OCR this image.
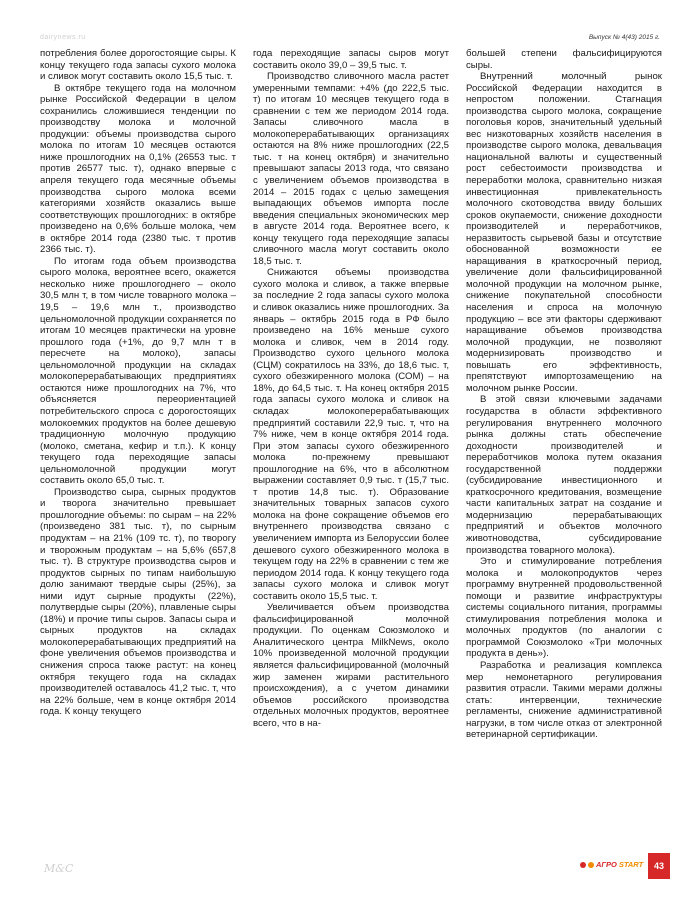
dairynews.ru	Выпуск № 4(43) 2015 г.

потребления более дорогостоящие сыры. К концу текущего года запасы сухого молока и сливок могут составить около 15,5 тыс. т.

В октябре текущего года на молочном рынке Российской Федерации в целом сохранились сложившиеся тенденции по производству молока и молочной продукции: объемы производства сырого молока по итогам 10 месяцев остаются ниже прошлогодних на 0,1% (26553 тыс. т против 26577 тыс. т), однако впервые с апреля текущего года месячные объемы производства сырого молока всеми категориями хозяйств оказались выше соответствующих прошлогодних: в октябре произведено на 0,6% больше молока, чем в октябре 2014 года (2380 тыс. т против 2366 тыс. т).

По итогам года объем производства сырого молока, вероятнее всего, окажется несколько ниже прошлогоднего – около 30,5 млн т, в том числе товарного молока – 19,5 – 19,6 млн т., производство цельномолочной продукции сохраняется по итогам 10 месяцев практически на уровне прошлого года (+1%, до 9,7 млн т в пересчете на молоко), запасы цельномолочной продукции на складах молокоперерабатывающих предприятиях остаются ниже прошлогодних на 7%, что объясняется переориентацией потребительского спроса с дорогостоящих молокоемких продуктов на более дешевую традиционную молочную продукцию (молоко, сметана, кефир и т.п.). К концу текущего года переходящие запасы цельномолочной продукции могут составить около 65,0 тыс. т.

Производство сыра, сырных продуктов и творога значительно превышает прошлогодние объемы: по сырам – на 22% (произведено 381 тыс. т), по сырным продуктам – на 21% (109 тс. т), по творогу и творожным продуктам – на 5,6% (657,8 тыс. т). В структуре производства сыров и продуктов сырных по типам наибольшую долю занимают твердые сыры (25%), за ними идут сырные продукты (22%), полутвердые сыры (20%), плавленые сыры (18%) и прочие типы сыров. Запасы сыра и сырных продуктов на складах молокоперерабатывающих предприятий на фоне увеличения объемов производства и снижения спроса также растут: на конец октября текущего года на складах производителей оставалось 41,2 тыс. т, что на 22% больше, чем в конце октября 2014 года. К концу текущего

года переходящие запасы сыров могут составить около 39,0 – 39,5 тыс. т.

Производство сливочного масла растет умеренными темпами: +4% (до 222,5 тыс. т) по итогам 10 месяцев текущего года в сравнении с тем же периодом 2014 года. Запасы сливочного масла в молокоперерабатывающих организациях остаются на 8% ниже прошлогодних (22,5 тыс. т на конец октября) и значительно превышают запасы 2013 года, что связано с увеличением объемов производства в 2014 – 2015 годах с целью замещения выпадающих объемов импорта после введения специальных экономических мер в августе 2014 года. Вероятнее всего, к концу текущего года переходящие запасы сливочного масла могут составить около 18,5 тыс. т.

Снижаются объемы производства сухого молока и сливок, а также впервые за последние 2 года запасы сухого молока и сливок оказались ниже прошлогодних. За январь – октябрь 2015 года в РФ было произведено на 16% меньше сухого молока и сливок, чем в 2014 году. Производство сухого цельного молока (СЦМ) сократилось на 33%, до 18,6 тыс. т, сухого обезжиренного молока (СОМ) – на 18%, до 64,5 тыс. т. На конец октября 2015 года запасы сухого молока и сливок на складах молокоперерабатывающих предприятий составили 22,9 тыс. т, что на 7% ниже, чем в конце октября 2014 года. При этом запасы сухого обезжиренного молока по-прежнему превышают прошлогодние на 6%, что в абсолютном выражении составляет 0,9 тыс. т (15,7 тыс. т против 14,8 тыс. т). Образование значительных товарных запасов сухого молока на фоне сокращение объемов его внутреннего производства связано с увеличением импорта из Белоруссии более дешевого сухого обезжиренного молока в текущем году на 22% в сравнении с тем же периодом 2014 года. К концу текущего года запасы сухого молока и сливок могут составить около 15,5 тыс. т.

Увеличивается объем производства фальсифицированной молочной продукции. По оценкам Союзмолоко и Аналитического центра MilkNews, около 10% произведенной молочной продукции является фальсифицированной (молочный жир заменен жирами растительного происхождения), а с учетом динамики объемов российского производства отдельных молочных продуктов, вероятнее всего, что в на-

большей степени фальсифицируются сыры.

Внутренний молочный рынок Российской Федерации находится в непростом положении. Стагнация производства сырого молока, сокращение поголовья коров, значительный удельный вес низкотоварных хозяйств населения в производстве сырого молока, девальвация национальной валюты и существенный рост себестоимости производства и переработки молока, сравнительно низкая инвестиционная привлекательность молочного скотоводства ввиду больших сроков окупаемости, снижение доходности производителей и переработчиков, неразвитость сырьевой базы и отсутствие обоснованной возможности ее наращивания в краткосрочный период, увеличение доли фальсифицированной молочной продукции на молочном рынке, снижение покупательной способности населения и спроса на молочную продукцию – все эти факторы сдерживают наращивание объемов производства молочной продукции, не позволяют модернизировать производство и повышать его эффективность, препятствуют импортозамещению на молочном рынке России.

В этой связи ключевыми задачами государства в области эффективного регулирования внутреннего молочного рынка должны стать обеспечение доходности производителей и переработчиков молока путем оказания государственной поддержки (субсидирование инвестиционного и краткосрочного кредитования, возмещение части капитальных затрат на создание и модернизацию перерабатывающих предприятий и объектов молочного животноводства, субсидирование производства товарного молока).

Это и стимулирование потребления молока и молокопродуктов через программу внутренней продовольственной помощи и развитие инфраструктуры системы социального питания, программы стимулирования потребления молока и молочных продуктов (по аналогии с программой Союзмолоко «Три молочных продукта в день»).

Разработка и реализация комплекса мер немонетарного регулирования развития отрасли. Такими мерами должны стать: интервенции, технические регламенты, снижение административной нагрузки, в том числе отказ от электронной ветеринарной сертификации.

M&C	АГРО START	43
